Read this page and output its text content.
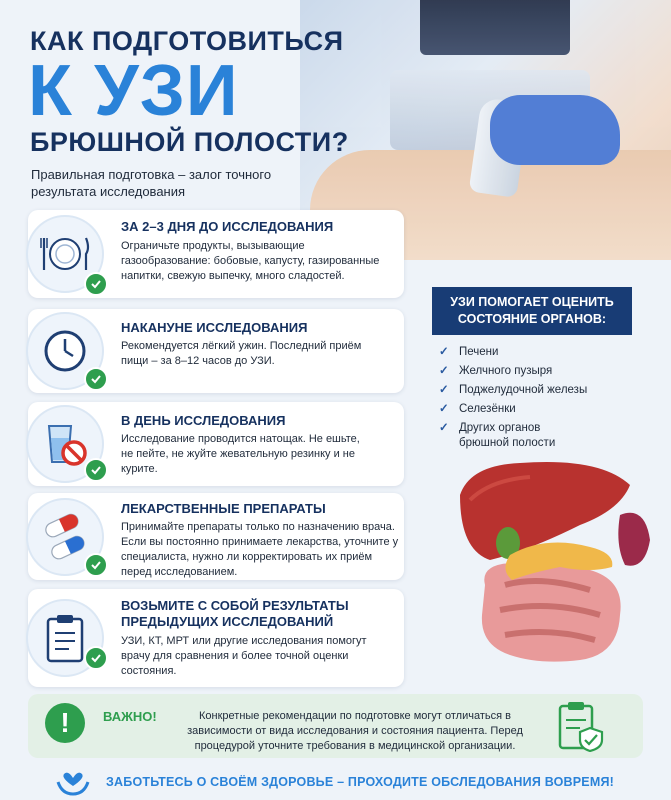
КАК ПОДГОТОВИТЬСЯ
К УЗИ
БРЮШНОЙ ПОЛОСТИ?
Правильная подготовка – залог точного результата исследования
ЗА 2–3 ДНЯ ДО ИССЛЕДОВАНИЯ
Ограничьте продукты, вызывающие газообразование: бобовые, капусту, газированные напитки, свежую выпечку, много сладостей.
НАКАНУНЕ ИССЛЕДОВАНИЯ
Рекомендуется лёгкий ужин. Последний приём пищи – за 8–12 часов до УЗИ.
В ДЕНЬ ИССЛЕДОВАНИЯ
Исследование проводится натощак. Не ешьте, не пейте, не жуйте жевательную резинку и не курите.
ЛЕКАРСТВЕННЫЕ ПРЕПАРАТЫ
Принимайте препараты только по назначению врача. Если вы постоянно принимаете лекарства, уточните у специалиста, нужно ли корректировать их приём перед исследованием.
ВОЗЬМИТЕ С СОБОЙ РЕЗУЛЬТАТЫ ПРЕДЫДУЩИХ ИССЛЕДОВАНИЙ
УЗИ, КТ, МРТ или другие исследования помогут врачу для сравнения и более точной оценки состояния.
УЗИ ПОМОГАЕТ ОЦЕНИТЬ СОСТОЯНИЕ ОРГАНОВ:
✓ Печени
✓ Желчного пузыря
✓ Поджелудочной железы
✓ Селезёнки
✓ Других органов брюшной полости
!	ВАЖНО!	Конкретные рекомендации по подготовке могут отличаться в зависимости от вида исследования и состояния пациента. Перед процедурой уточните требования в медицинской организации.
ЗАБОТЬТЕСЬ О СВОЁМ ЗДОРОВЬЕ – ПРОХОДИТЕ ОБСЛЕДОВАНИЯ ВОВРЕМЯ!
